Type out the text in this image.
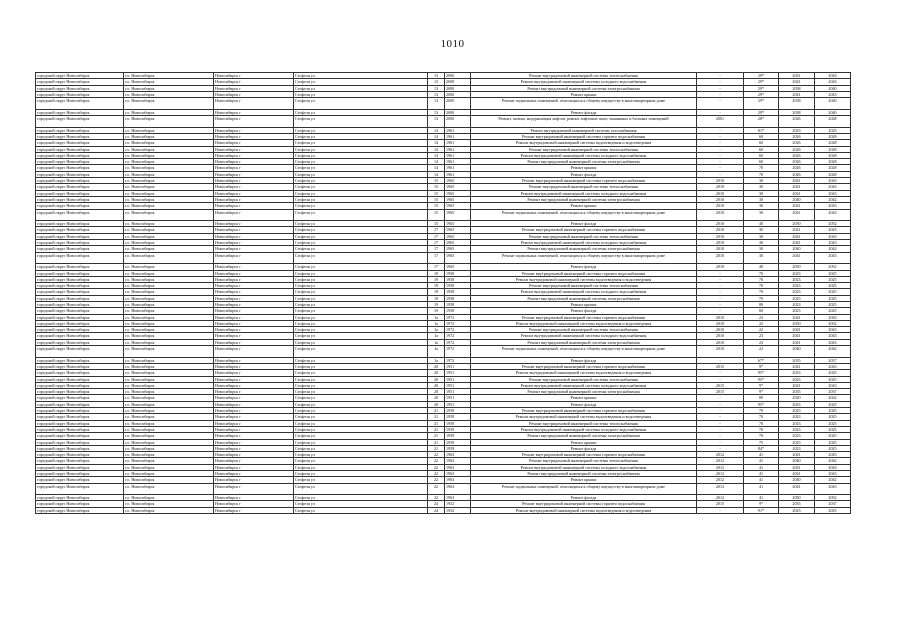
1010
городской округ Новосибирск	г.о. Новосибирск	Новосибирск г	Стофеля ул	13	2000	Ремонт внутридомовой инженерной системы теплоснабжения	-	29*	2041	2043
городской округ Новосибирск	г.о. Новосибирск	Новосибирск г	Стофеля ул	13	2000	Ремонт внутридомовой инженерной системы холодного водоснабжения	-	29*	2041	2043
городской округ Новосибирск	г.о. Новосибирск	Новосибирск г	Стофеля ул	13	2000	Ремонт внутридомовой инженерной системы электроснабжения	-	29*	2038	2040
городской округ Новосибирск	г.о. Новосибирск	Новосибирск г	Стофеля ул	13	2000	Ремонт крыши	-	29*	2041	2043
городской округ Новосибирск	г.о. Новосибирск	Новосибирск г	Стофеля ул	13	2000	Ремонт подвальных помещений, относящихся к общему имуществу в многоквартирном доме	-	29*	2038	2040
городской округ Новосибирск	г.о. Новосибирск	Новосибирск г	Стофеля ул	13	2000	Ремонт фасада	-	29*	2038	2040
городской округ Новосибирск	г.о. Новосибирск	Новосибирск г	Стофеля ул	13	2000	Ремонт, замена, модернизация лифтов, ремонт лифтовых шахт, машинных и блочных помещений	2001	28*	2026	2028
городской округ Новосибирск	г.о. Новосибирск	Новосибирск г	Стофеля ул	14	1961	Ремонт внутридомовой инженерной системы газоснабжения	-	81*	2023	2025
городской округ Новосибирск	г.о. Новосибирск	Новосибирск г	Стофеля ул	14	1961	Ремонт внутридомовой инженерной системы горячего водоснабжения	-	60	2026	2028
городской округ Новосибирск	г.о. Новосибирск	Новосибирск г	Стофеля ул	14	1961	Ремонт внутридомовой инженерной системы водоотведения и водоотведения	-	60	2026	2028
городской округ Новосибирск	г.о. Новосибирск	Новосибирск г	Стофеля ул	14	1961	Ремонт внутридомовой инженерной системы теплоснабжения	-	60	2026	2028
городской округ Новосибирск	г.о. Новосибирск	Новосибирск г	Стофеля ул	14	1961	Ремонт внутридомовой инженерной системы холодного водоснабжения	-	60	2026	2028
городской округ Новосибирск	г.о. Новосибирск	Новосибирск г	Стофеля ул	14	1961	Ремонт внутридомовой инженерной системы электроснабжения	-	60	2026	2028
городской округ Новосибирск	г.о. Новосибирск	Новосибирск г	Стофеля ул	14	1961	Ремонт крыши	-	70	2026	2028
городской округ Новосибирск	г.о. Новосибирск	Новосибирск г	Стофеля ул	14	1961	Ремонт фасада	-	70	2026	2028
городской округ Новосибирск	г.о. Новосибирск	Новосибирск г	Стофеля ул	15	1965	Ремонт внутридомовой инженерной системы горячего водоснабжения	2010	30	2041	2043
городской округ Новосибирск	г.о. Новосибирск	Новосибирск г	Стофеля ул	15	1965	Ремонт внутридомовой инженерной системы теплоснабжения	2010	30	2041	2043
городской округ Новосибирск	г.о. Новосибирск	Новосибирск г	Стофеля ул	15	1965	Ремонт внутридомовой инженерной системы холодного водоснабжения	2010	30	2041	2043
городской округ Новосибирск	г.о. Новосибирск	Новосибирск г	Стофеля ул	15	1965	Ремонт внутридомовой инженерной системы электроснабжения	2010	30	2040	2042
городской округ Новосибирск	г.о. Новосибирск	Новосибирск г	Стофеля ул	15	1965	Ремонт крыши	2010	30	2041	2043
городской округ Новосибирск	г.о. Новосибирск	Новосибирск г	Стофеля ул	15	1965	Ремонт подвальных помещений, относящихся к общему имуществу в многоквартирном доме	2010	30	2041	2043
городской округ Новосибирск	г.о. Новосибирск	Новосибирск г	Стофеля ул	15	1965	Ремонт фасада	2010	40	2050	2052
городской округ Новосибирск	г.о. Новосибирск	Новосибирск г	Стофеля ул	17	1965	Ремонт внутридомовой инженерной системы горячего водоснабжения	2010	30	2041	2043
городской округ Новосибирск	г.о. Новосибирск	Новосибирск г	Стофеля ул	17	1965	Ремонт внутридомовой инженерной системы теплоснабжения	2010	30	2041	2043
городской округ Новосибирск	г.о. Новосибирск	Новосибирск г	Стофеля ул	17	1965	Ремонт внутридомовой инженерной системы холодного водоснабжения	2010	30	2041	2043
городской округ Новосибирск	г.о. Новосибирск	Новосибирск г	Стофеля ул	17	1965	Ремонт внутридомовой инженерной системы электроснабжения	2010	30	2040	2042
городской округ Новосибирск	г.о. Новосибирск	Новосибирск г	Стофеля ул	17	1965	Ремонт подвальных помещений, относящихся к общему имуществу в многоквартирном доме	2010	30	2041	2043
городской округ Новосибирск	г.о. Новосибирск	Новосибирск г	Стофеля ул	17	1965	Ремонт фасада	2010	40	2050	2052
городской округ Новосибирск	г.о. Новосибирск	Новосибирск г	Стофеля ул	19	1958	Ремонт внутридомовой инженерной системы горячего водоснабжения	-	70	2023	2025
городской округ Новосибирск	г.о. Новосибирск	Новосибирск г	Стофеля ул	19	1958	Ремонт внутридомовой инженерной системы водоотведения и водоотведения	-	70	2023	2025
городской округ Новосибирск	г.о. Новосибирск	Новосибирск г	Стофеля ул	19	1958	Ремонт внутридомовой инженерной системы теплоснабжения	-	70	2023	2025
городской округ Новосибирск	г.о. Новосибирск	Новосибирск г	Стофеля ул	19	1958	Ремонт внутридомовой инженерной системы холодного водоснабжения	-	70	2023	2025
городской округ Новосибирск	г.о. Новосибирск	Новосибирск г	Стофеля ул	19	1958	Ремонт внутридомовой инженерной системы электроснабжения	-	70	2023	2025
городской округ Новосибирск	г.о. Новосибирск	Новосибирск г	Стофеля ул	19	1958	Ремонт крыши	-	80	2023	2025
городской округ Новосибирск	г.о. Новосибирск	Новосибирск г	Стофеля ул	19	1958	Ремонт фасада	-	60	2023	2025
городской округ Новосибирск	г.о. Новосибирск	Новосибирск г	Стофеля ул	1а	1972	Ремонт внутридомовой инженерной системы горячего водоснабжения	2010	23	2041	2043
городской округ Новосибирск	г.о. Новосибирск	Новосибирск г	Стофеля ул	1а	1972	Ремонт внутридомовой инженерной системы водоотведения и водоотведения	2010	22	2050	2052
городской округ Новосибирск	г.о. Новосибирск	Новосибирск г	Стофеля ул	1а	1972	Ремонт внутридомовой инженерной системы теплоснабжения	2010	22	2041	2043
городской округ Новосибирск	г.о. Новосибирск	Новосибирск г	Стофеля ул	1а	1972	Ремонт внутридомовой инженерной системы холодного водоснабжения	2010	23	2041	2043
городской округ Новосибирск	г.о. Новосибирск	Новосибирск г	Стофеля ул	1а	1972	Ремонт внутридомовой инженерной системы электроснабжения	2010	23	2041	2043
городской округ Новосибирск	г.о. Новосибирск	Новосибирск г	Стофеля ул	1а	1972	Ремонт подвальных помещений, относящихся к общему имуществу в многоквартирном доме	2010	22	2040	2042
городской округ Новосибирск	г.о. Новосибирск	Новосибирск г	Стофеля ул	1а	1972	Ремонт фасада	-	67*	2035	2037
городской округ Новосибирск	г.о. Новосибирск	Новосибирск г	Стофеля ул	20	1951	Ремонт внутридомовой инженерной системы горячего водоснабжения	2015	9*	2041	2043
городской округ Новосибирск	г.о. Новосибирск	Новосибирск г	Стофеля ул	20	1951	Ремонт внутридомовой инженерной системы водоотведения и водоотведения	-	95*	2023	2025
городской округ Новосибирск	г.о. Новосибирск	Новосибирск г	Стофеля ул	20	1951	Ремонт внутридомовой инженерной системы теплоснабжения	-	95*	2023	2025
городской округ Новосибирск	г.о. Новосибирск	Новосибирск г	Стофеля ул	20	1951	Ремонт внутридомовой инженерной системы холодного водоснабжения	2015	9*	2041	2043
городской округ Новосибирск	г.о. Новосибирск	Новосибирск г	Стофеля ул	20	1951	Ремонт внутридомовой инженерной системы электроснабжения	2015	9*	2035	2037
городской округ Новосибирск	г.о. Новосибирск	Новосибирск г	Стофеля ул	20	1951	Ремонт крыши	-	80	2020	2022
городской округ Новосибирск	г.о. Новосибирск	Новосибирск г	Стофеля ул	20	1951	Ремонт фасада	-	95*	2023	2025
городской округ Новосибирск	г.о. Новосибирск	Новосибирск г	Стофеля ул	21	1959	Ремонт внутридомовой инженерной системы горячего водоснабжения	-	70	2023	2025
городской округ Новосибирск	г.о. Новосибирск	Новосибирск г	Стофеля ул	21	1959	Ремонт внутридомовой инженерной системы водоотведения и водоотведения	-	70	2023	2025
городской округ Новосибирск	г.о. Новосибирск	Новосибирск г	Стофеля ул	21	1959	Ремонт внутридомовой инженерной системы теплоснабжения	-	70	2023	2025
городской округ Новосибирск	г.о. Новосибирск	Новосибирск г	Стофеля ул	21	1959	Ремонт внутридомовой инженерной системы холодного водоснабжения	-	70	2023	2025
городской округ Новосибирск	г.о. Новосибирск	Новосибирск г	Стофеля ул	21	1959	Ремонт внутридомовой инженерной системы электроснабжения	-	70	2023	2025
городской округ Новосибирск	г.о. Новосибирск	Новосибирск г	Стофеля ул	21	1959	Ремонт крыши	-	75	2023	2025
городской округ Новосибирск	г.о. Новосибирск	Новосибирск г	Стофеля ул	21	1959	Ремонт фасада	-	84*	2023	2025
городской округ Новосибирск	г.о. Новосибирск	Новосибирск г	Стофеля ул	22	1963	Ремонт внутридомовой инженерной системы горячего водоснабжения	2012	41	2041	2043
городской округ Новосибирск	г.о. Новосибирск	Новосибирск г	Стофеля ул	22	1963	Ремонт внутридомовой инженерной системы теплоснабжения	2012	41	2040	2042
городской округ Новосибирск	г.о. Новосибирск	Новосибирск г	Стофеля ул	22	1963	Ремонт внутридомовой инженерной системы холодного водоснабжения	2012	41	2041	2043
городской округ Новосибирск	г.о. Новосибирск	Новосибирск г	Стофеля ул	22	1963	Ремонт внутридомовой инженерной системы электроснабжения	2012	41	2041	2043
городской округ Новосибирск	г.о. Новосибирск	Новосибирск г	Стофеля ул	22	1963	Ремонт крыши	2012	41	2040	2042
городской округ Новосибирск	г.о. Новосибирск	Новосибирск г	Стофеля ул	22	1963	Ремонт подвальных помещений, относящихся к общему имуществу в многоквартирном доме	2012	41	2041	2043
городской округ Новосибирск	г.о. Новосибирск	Новосибирск г	Стофеля ул	22	1963	Ремонт фасада	2012	41	2050	2052
городской округ Новосибирск	г.о. Новосибирск	Новосибирск г	Стофеля ул	24	1952	Ремонт внутридомовой инженерной системы горячего водоснабжения	2015	9*	2035	2037
городской округ Новосибирск	г.о. Новосибирск	Новосибирск г	Стофеля ул	24	1952	Ремонт внутридомовой инженерной системы водоотведения и водоотведения	-	91*	2023	2025
